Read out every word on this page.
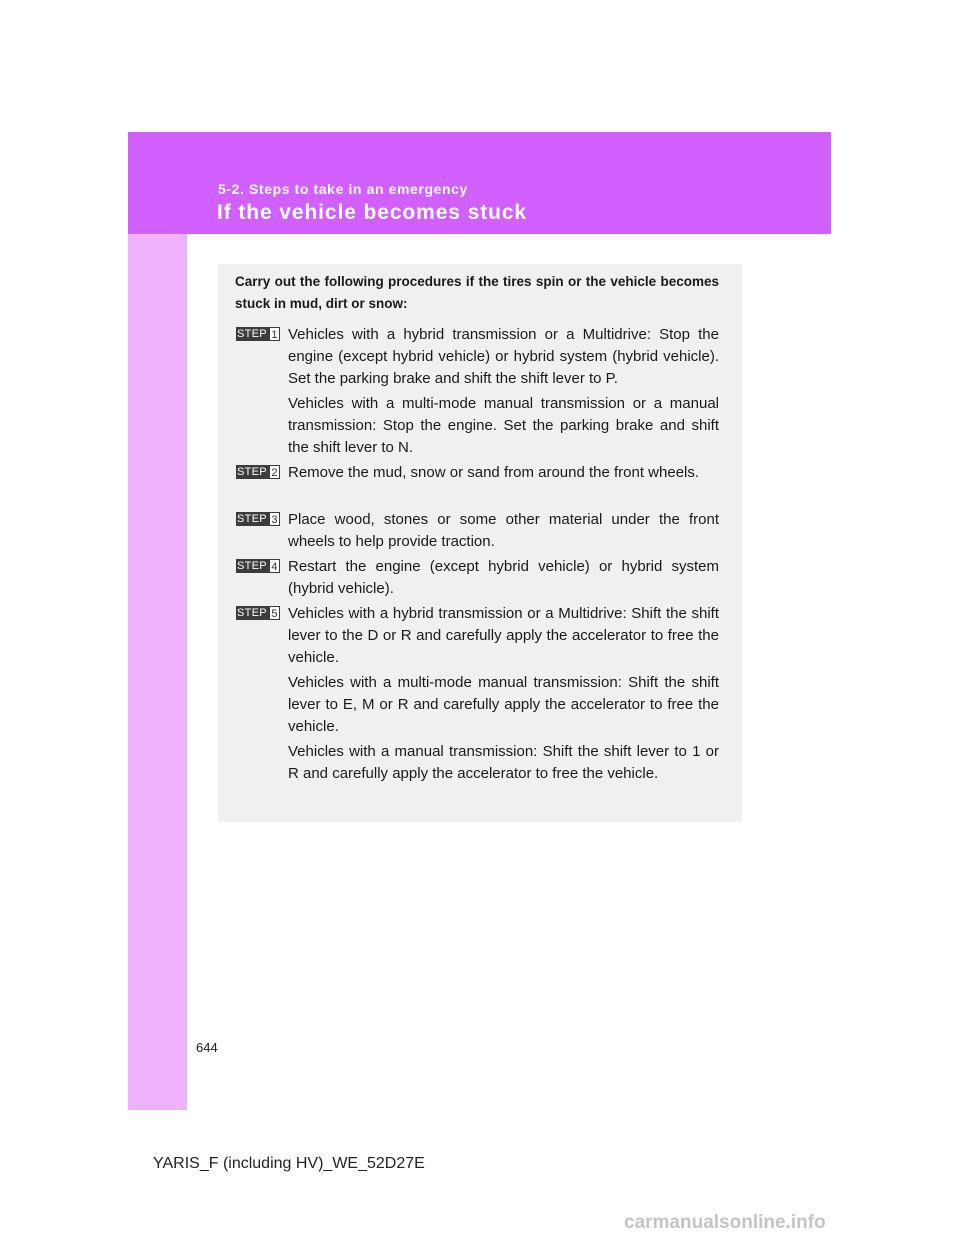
5-2. Steps to take in an emergency
If the vehicle becomes stuck
Carry out the following procedures if the tires spin or the vehicle becomes stuck in mud, dirt or snow:
STEP 1 Vehicles with a hybrid transmission or a Multidrive: Stop the engine (except hybrid vehicle) or hybrid system (hybrid vehicle). Set the parking brake and shift the shift lever to P.
Vehicles with a multi-mode manual transmission or a manual transmission: Stop the engine. Set the parking brake and shift the shift lever to N.
STEP 2 Remove the mud, snow or sand from around the front wheels.
STEP 3 Place wood, stones or some other material under the front wheels to help provide traction.
STEP 4 Restart the engine (except hybrid vehicle) or hybrid system (hybrid vehicle).
STEP 5 Vehicles with a hybrid transmission or a Multidrive: Shift the shift lever to the D or R and carefully apply the accelerator to free the vehicle.
Vehicles with a multi-mode manual transmission: Shift the shift lever to E, M or R and carefully apply the accelerator to free the vehicle.
Vehicles with a manual transmission: Shift the shift lever to 1 or R and carefully apply the accelerator to free the vehicle.
644
YARIS_F (including HV)_WE_52D27E
carmanualsonline.info
